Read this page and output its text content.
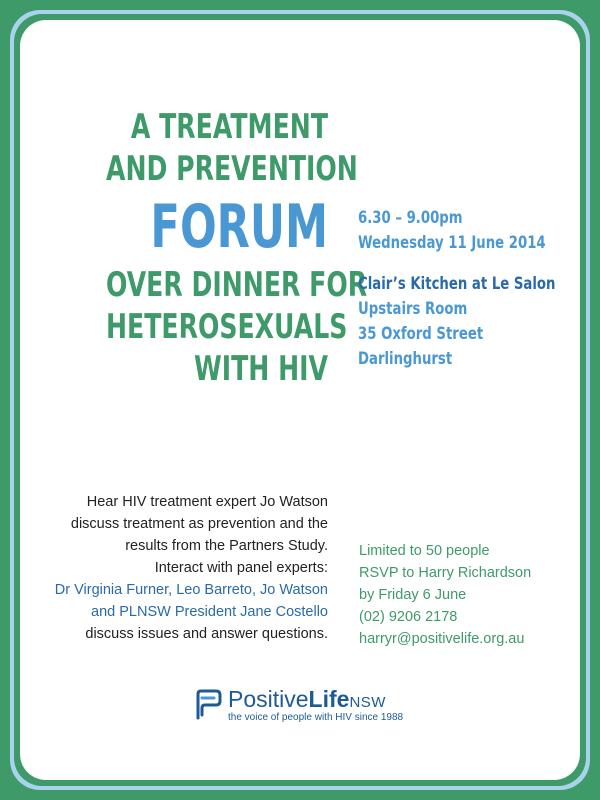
A TREATMENT
AND PREVENTION
FORUM
OVER DINNER FOR
HETEROSEXUALS
WITH HIV
6.30 – 9.00pm
Wednesday 11 June 2014
Clair’s Kitchen at Le Salon
Upstairs Room
35 Oxford Street
Darlinghurst
Hear HIV treatment expert Jo Watson
discuss treatment as prevention and the
results from the Partners Study.
Interact with panel experts:
Dr Virginia Furner, Leo Barreto, Jo Watson
and PLNSW President Jane Costello
discuss issues and answer questions.
Limited to 50 people
RSVP to Harry Richardson
by Friday 6 June
(02) 9206 2178
harryr@positivelife.org.au
PositiveLifeNSW
the voice of people with HIV since 1988
